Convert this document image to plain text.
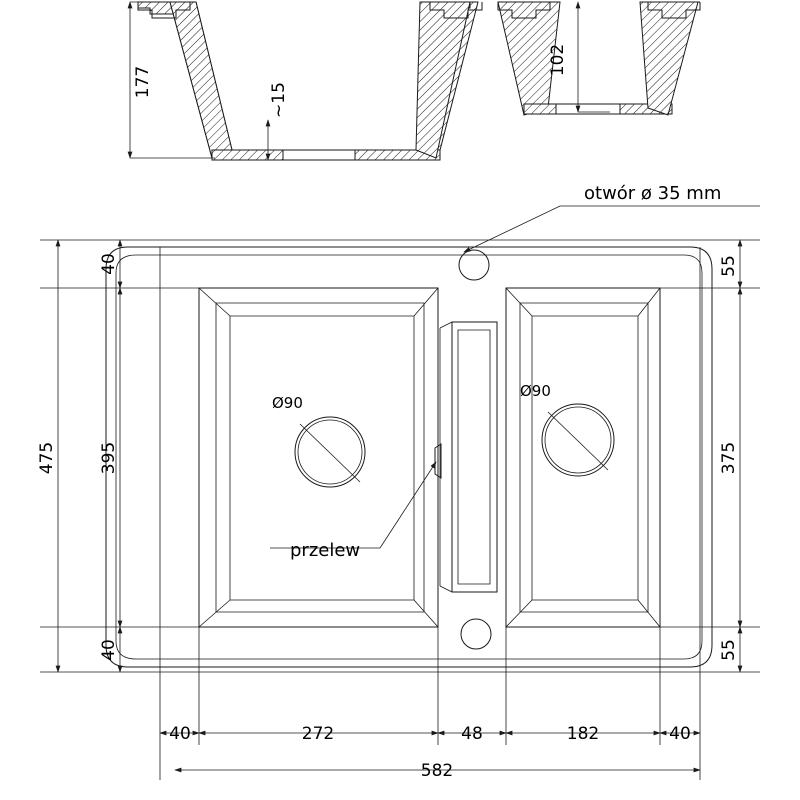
177
~15
102
Ø90
Ø90
otwór ø 35 mm
przelew
40
40
395
475
55
55
375
40	272	48	182	40
582
